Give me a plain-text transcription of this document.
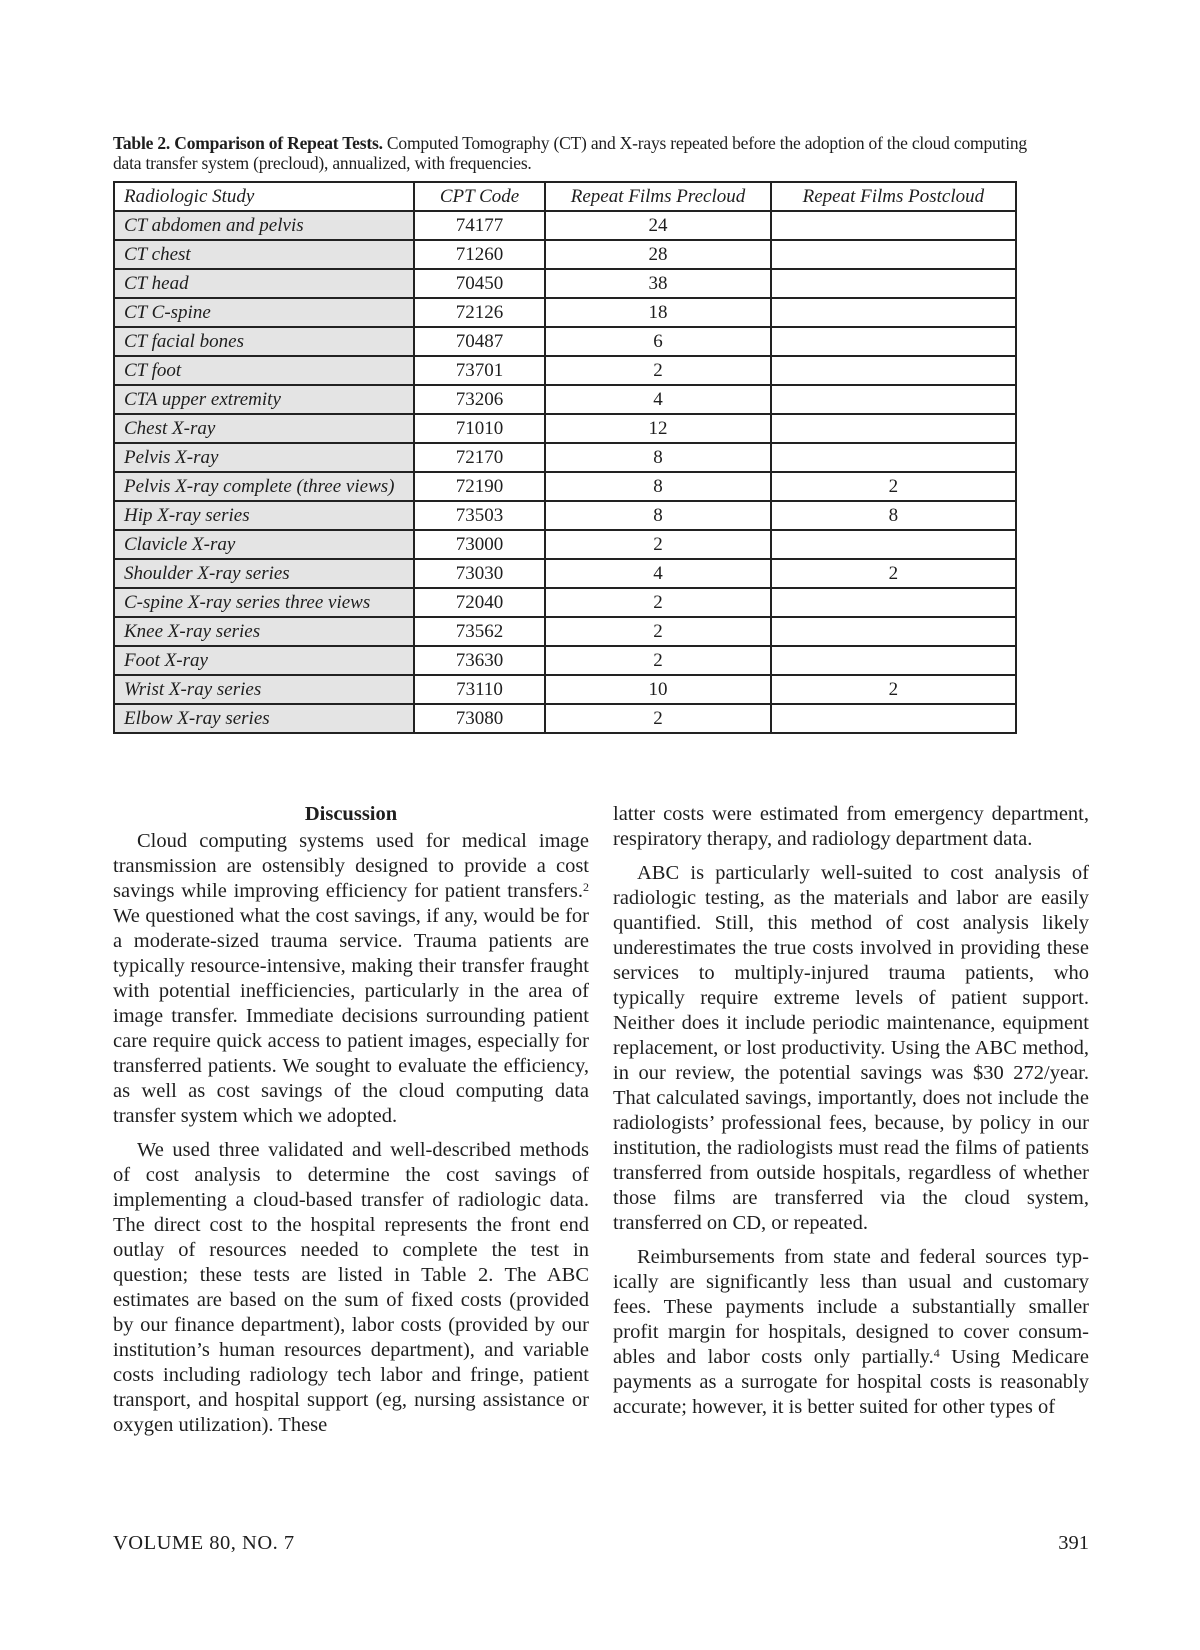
Table 2. Comparison of Repeat Tests. Computed Tomography (CT) and X-rays repeated before the adoption of the cloud computing data transfer system (precloud), annualized, with frequencies.
Radiologic Study	CPT Code	Repeat Films Precloud	Repeat Films Postcloud
CT abdomen and pelvis	74177	24	
CT chest	71260	28	
CT head	70450	38	
CT C-spine	72126	18	
CT facial bones	70487	6	
CT foot	73701	2	
CTA upper extremity	73206	4	
Chest X-ray	71010	12	
Pelvis X-ray	72170	8	
Pelvis X-ray complete (three views)	72190	8	2
Hip X-ray series	73503	8	8
Clavicle X-ray	73000	2	
Shoulder X-ray series	73030	4	2
C-spine X-ray series three views	72040	2	
Knee X-ray series	73562	2	
Foot X-ray	73630	2	
Wrist X-ray series	73110	10	2
Elbow X-ray series	73080	2	
Discussion

Cloud computing systems used for medical image transmission are ostensibly designed to provide a cost savings while improving efficiency for patient transfers.$^2$ We questioned what the cost savings, if any, would be for a moderate-sized trauma service. Trauma patients are typically resource-intensive, making their transfer fraught with potential inefficiencies, particularly in the area of image transfer. Immediate decisions surrounding patient care require quick access to patient images, especially for transferred patients. We sought to evaluate the efficiency, as well as cost savings of the cloud computing data transfer system which we adopted.

We used three validated and well-described methods of cost analysis to determine the cost savings of implementing a cloud-based transfer of radiologic data. The direct cost to the hospital represents the front end outlay of resources needed to complete the test in question; these tests are listed in Table 2. The ABC estimates are based on the sum of fixed costs (provided by our finance department), labor costs (provided by our institution’s human resources department), and variable costs including radiology tech labor and fringe, patient transport, and hospital support (eg, nursing assistance or oxygen utilization). These

latter costs were estimated from emergency department, respiratory therapy, and radiology department data.

ABC is particularly well-suited to cost analysis of radiologic testing, as the materials and labor are easily quantified. Still, this method of cost analysis likely underestimates the true costs involved in providing these services to multiply-injured trauma patients, who typically require extreme levels of patient support. Neither does it include periodic maintenance, equipment replacement, or lost productivity. Using the ABC method, in our review, the potential savings was $30 272/year. That calculated savings, importantly, does not include the radiologists’ professional fees, because, by policy in our institution, the radiologists must read the films of patients transferred from outside hospitals, regardless of whether those films are transferred via the cloud system, transferred on CD, or repeated.

Reimbursements from state and federal sources typically are significantly less than usual and customary fees. These payments include a substantially smaller profit margin for hospitals, designed to cover consumables and labor costs only partially.$^4$ Using Medicare payments as a surrogate for hospital costs is reasonably accurate; however, it is better suited for other types of

VOLUME 80, NO. 7	391
